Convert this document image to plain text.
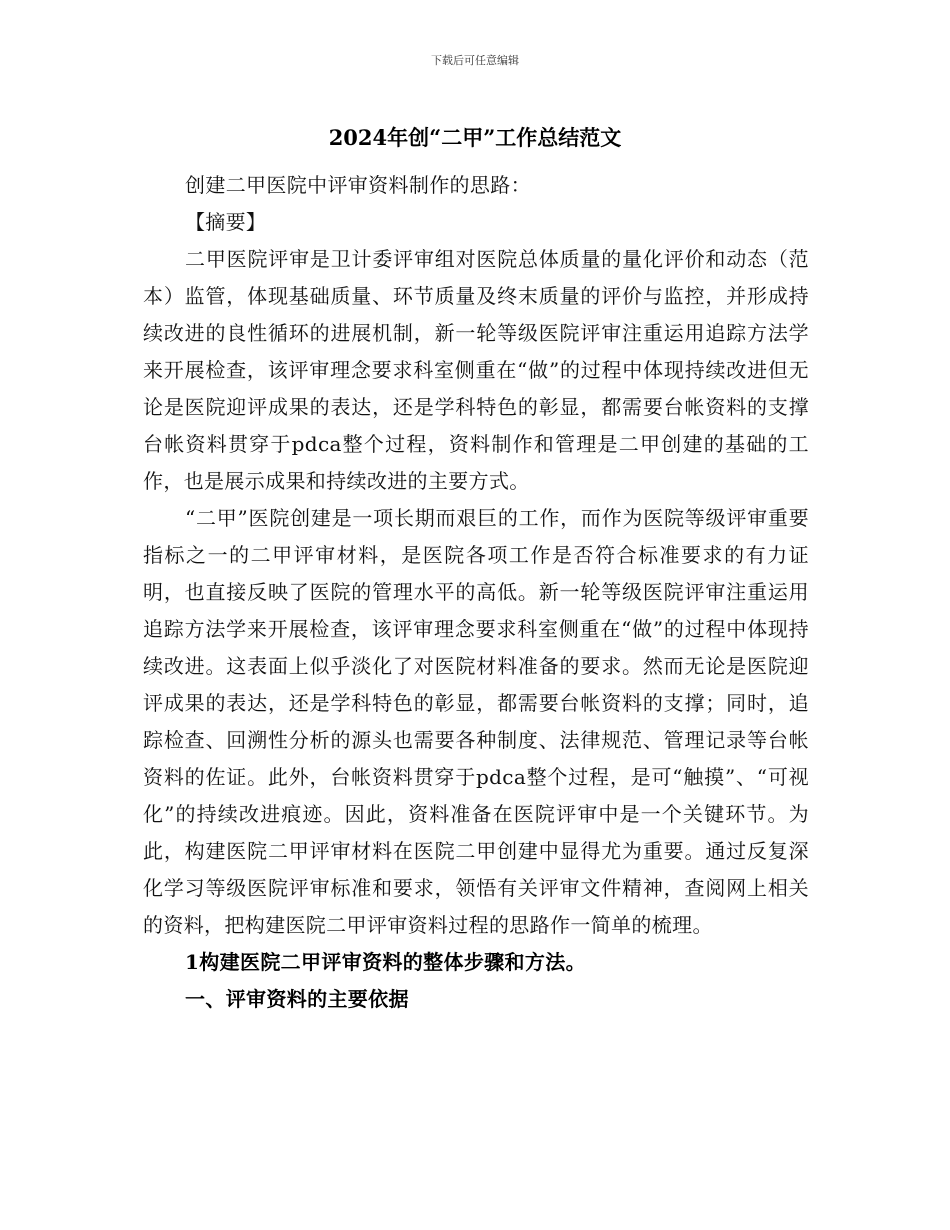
下载后可任意编辑
2024年创“二甲”工作总结范文

创建二甲医院中评审资料制作的思路：

【摘要】

二甲医院评审是卫计委评审组对医院总体质量的量化评价和动态（范本）监管，体现基础质量、环节质量及终末质量的评价与监控，并形成持续改进的良性循环的进展机制，新一轮等级医院评审注重运用追踪方法学来开展检查，该评审理念要求科室侧重在“做”的过程中体现持续改进但无论是医院迎评成果的表达，还是学科特色的彰显，都需要台帐资料的支撑台帐资料贯穿于pdca整个过程，资料制作和管理是二甲创建的基础的工作，也是展示成果和持续改进的主要方式。

“二甲”医院创建是一项长期而艰巨的工作，而作为医院等级评审重要指标之一的二甲评审材料，是医院各项工作是否符合标准要求的有力证明，也直接反映了医院的管理水平的高低。新一轮等级医院评审注重运用追踪方法学来开展检查，该评审理念要求科室侧重在“做”的过程中体现持续改进。这表面上似乎淡化了对医院材料准备的要求。然而无论是医院迎评成果的表达，还是学科特色的彰显，都需要台帐资料的支撑；同时，追踪检查、回溯性分析的源头也需要各种制度、法律规范、管理记录等台帐资料的佐证。此外，台帐资料贯穿于pdca整个过程，是可“触摸”、“可视化”的持续改进痕迹。因此，资料准备在医院评审中是一个关键环节。为此，构建医院二甲评审材料在医院二甲创建中显得尤为重要。通过反复深化学习等级医院评审标准和要求，领悟有关评审文件精神，查阅网上相关的资料，把构建医院二甲评审资料过程的思路作一简单的梳理。

1构建医院二甲评审资料的整体步骤和方法。

一、评审资料的主要依据
